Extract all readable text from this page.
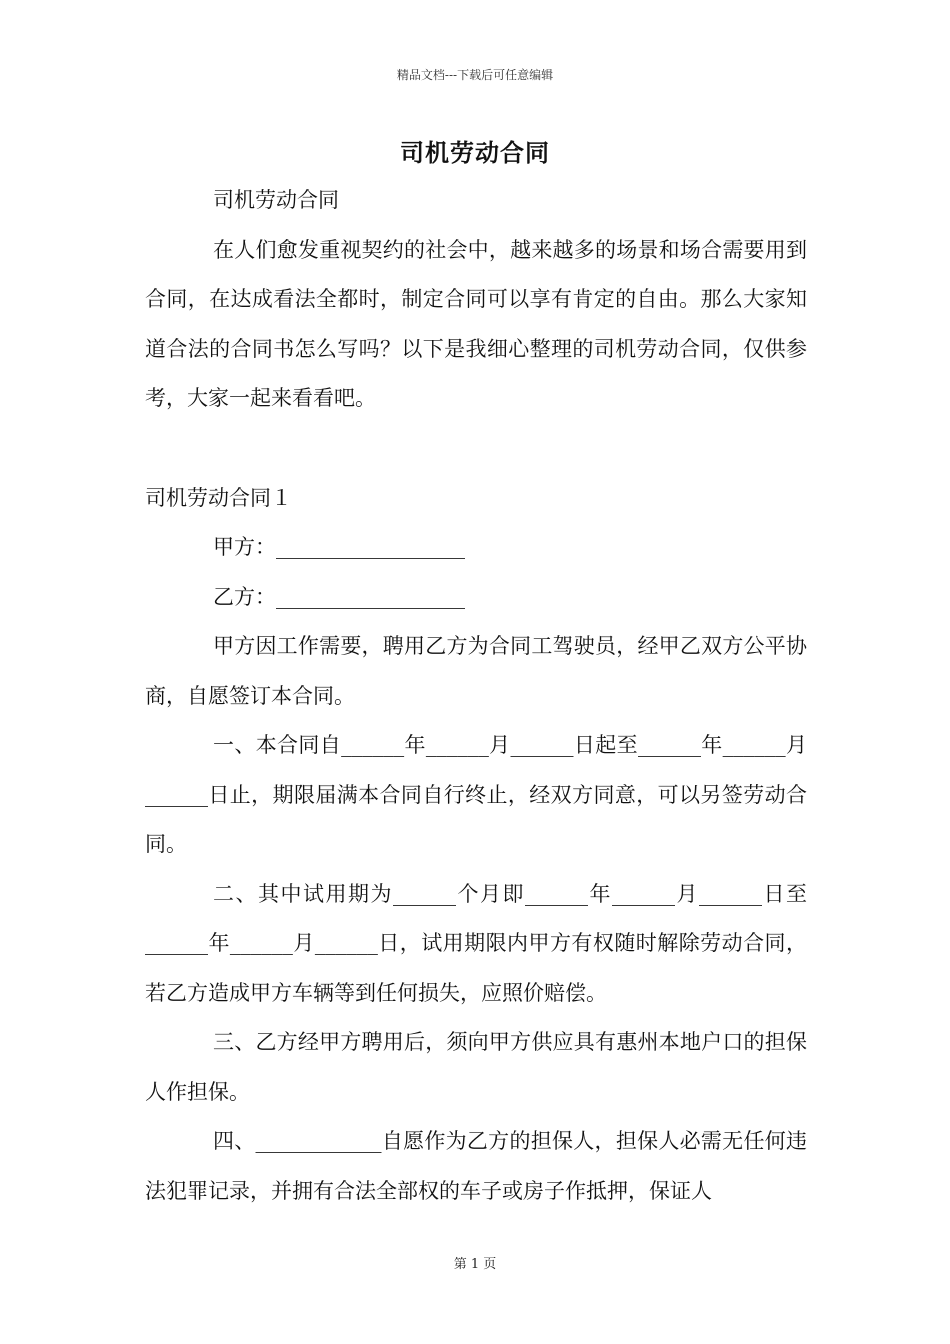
精品文档---下载后可任意编辑
司机劳动合同

司机劳动合同

在人们愈发重视契约的社会中，越来越多的场景和场合需要用到合同，在达成看法全都时，制定合同可以享有肯定的自由。那么大家知道合法的合同书怎么写吗？以下是我细心整理的司机劳动合同，仅供参考，大家一起来看看吧。

司机劳动合同１

甲方：__________________

乙方：__________________

甲方因工作需要，聘用乙方为合同工驾驶员，经甲乙双方公平协商，自愿签订本合同。

一、本合同自______年______月______日起至______年______月______日止，期限届满本合同自行终止，经双方同意，可以另签劳动合同。

二、其中试用期为______个月即______年______月______日至______年______月______日，试用期限内甲方有权随时解除劳动合同，若乙方造成甲方车辆等到任何损失，应照价赔偿。

三、乙方经甲方聘用后，须向甲方供应具有惠州本地户口的担保人作担保。

四、____________自愿作为乙方的担保人，担保人必需无任何违法犯罪记录，并拥有合法全部权的车子或房子作抵押，保证人

第 1 页
